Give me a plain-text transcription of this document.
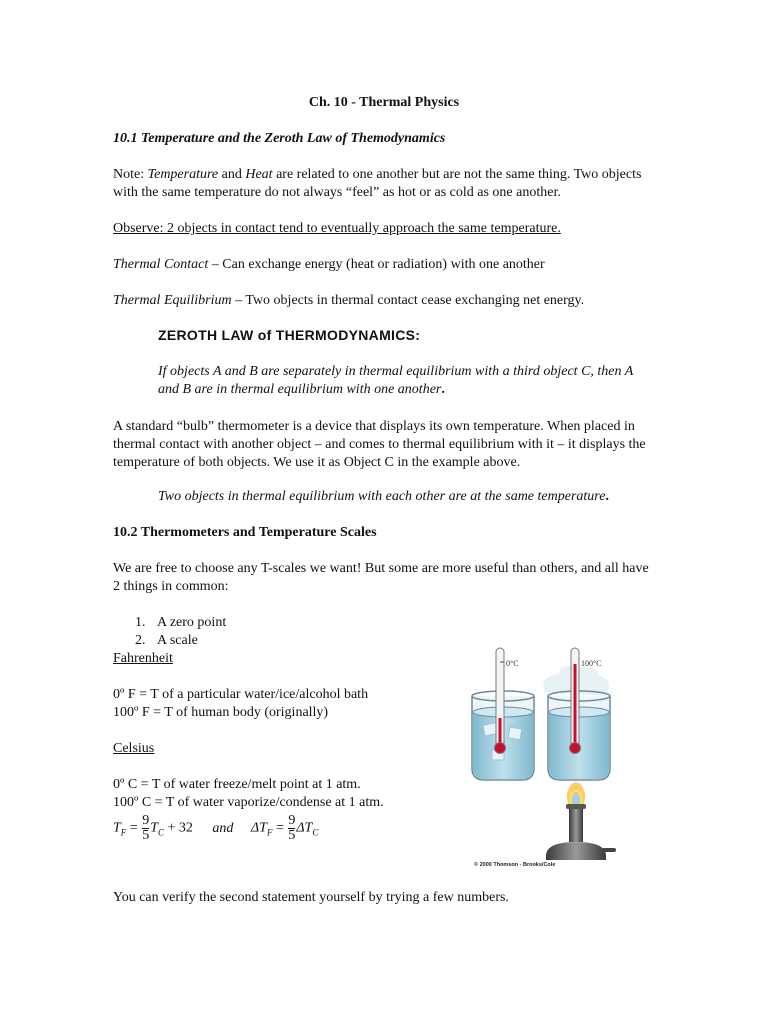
Ch. 10 - Thermal Physics
10.1 Temperature and the Zeroth Law of Themodynamics
Note: Temperature and Heat are related to one another but are not the same thing. Two objects with the same temperature do not always “feel” as hot or as cold as one another.
Observe: 2 objects in contact tend to eventually approach the same temperature.
Thermal Contact – Can exchange energy (heat or radiation) with one another
Thermal Equilibrium – Two objects in thermal contact cease exchanging net energy.
ZEROTH LAW of THERMODYNAMICS:
If objects A and B are separately in thermal equilibrium with a third object C, then A and B are in thermal equilibrium with one another.
A standard “bulb” thermometer is a device that displays its own temperature. When placed in thermal contact with another object – and comes to thermal equilibrium with it – it displays the temperature of both objects. We use it as Object C in the example above.
Two objects in thermal equilibrium with each other are at the same temperature.
10.2 Thermometers and Temperature Scales
We are free to choose any T-scales we want! But some are more useful than others, and all have 2 things in common:
1. A zero point
2. A scale
Fahrenheit
0º F = T of a particular water/ice/alcohol bath
100º F = T of human body (originally)
Celsius
0º C = T of water freeze/melt point at 1 atm.
100º C = T of water vaporize/condense at 1 atm.
$T_F = \frac{9}{5} T_C + 32$ and $\Delta T_F = \frac{9}{5} \Delta T_C$
You can verify the second statement yourself by trying a few numbers.
0°C	100°C
© 2000 Thomson - Brooks/Cole
